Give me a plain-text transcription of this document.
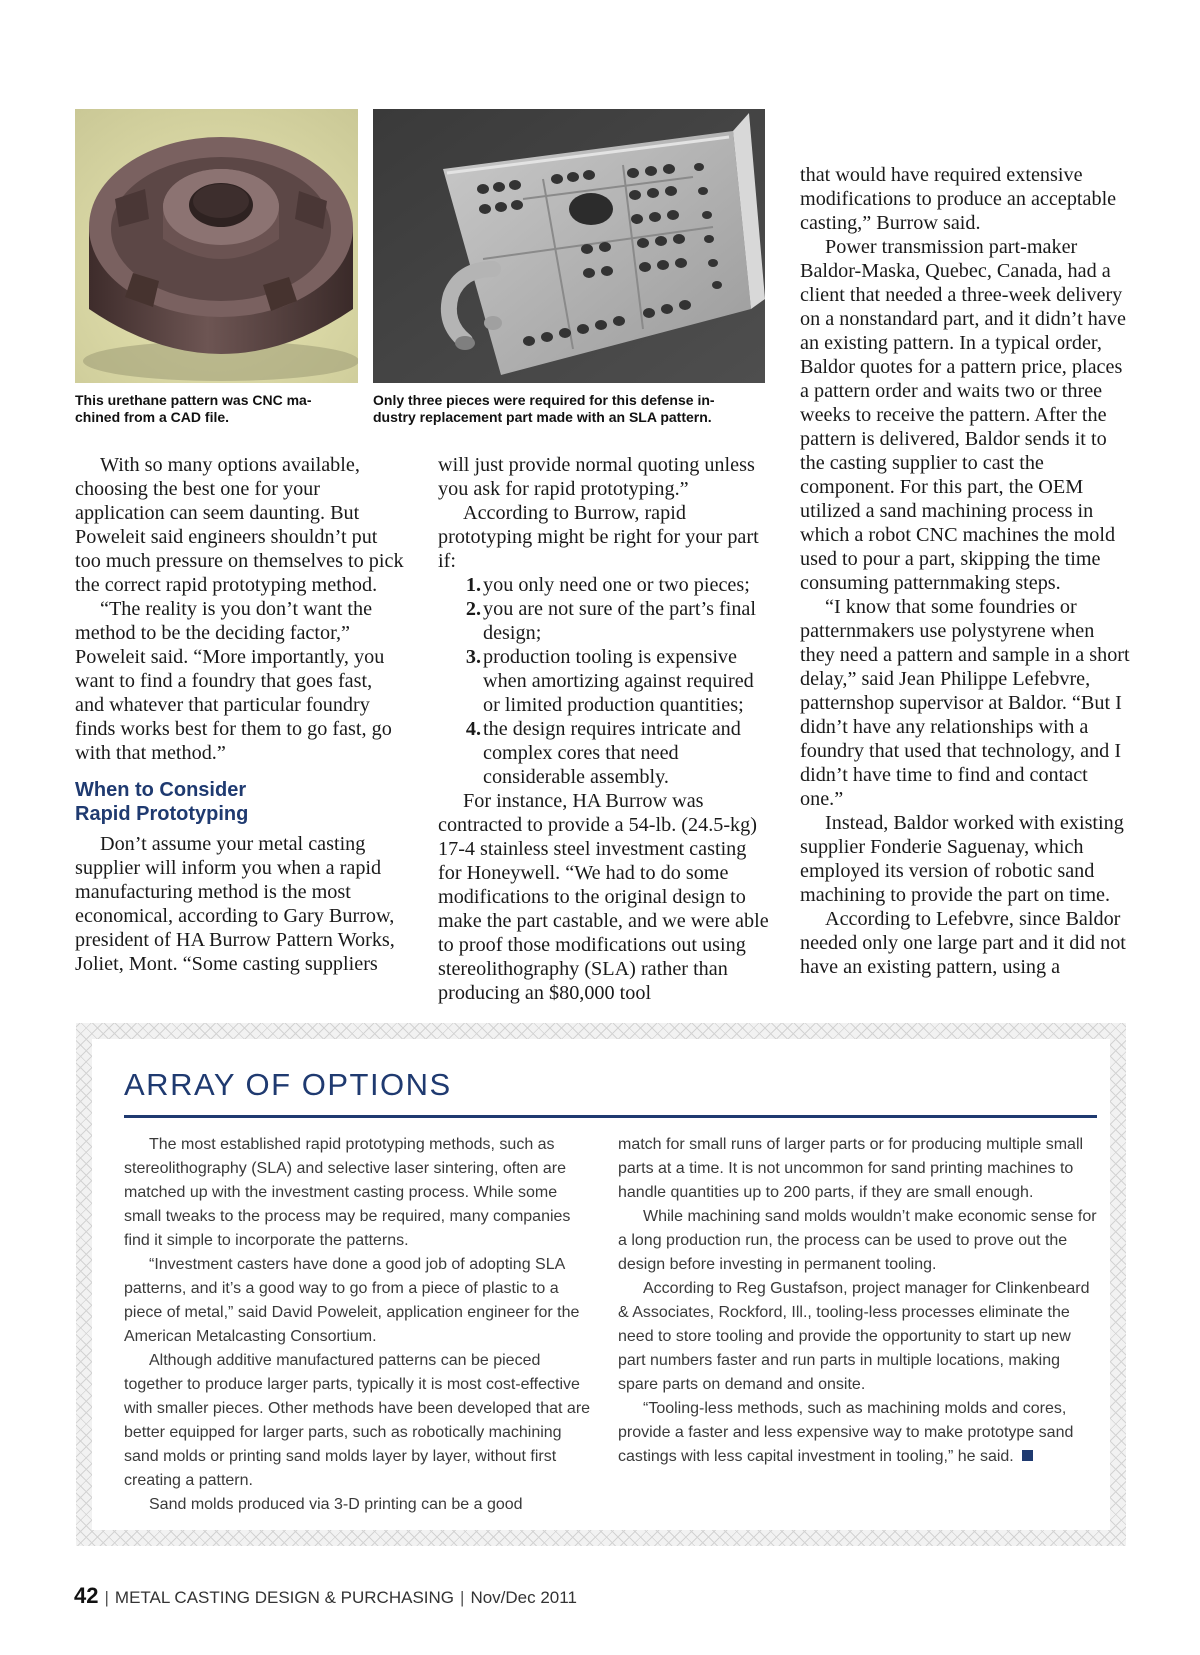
This urethane pattern was CNC ma-
chined from a CAD file.
Only three pieces were required for this defense in-
dustry replacement part made with an SLA pattern.

With so many options available, choosing the best one for your application can seem daunting. But Poweleit said engineers shouldn’t put too much pressure on themselves to pick the correct rapid prototyping method.

“The reality is you don’t want the method to be the deciding factor,” Poweleit said. “More importantly, you want to find a foundry that goes fast, and whatever that particular foundry finds works best for them to go fast, go with that method.”

When to Consider
Rapid Prototyping

Don’t assume your metal casting supplier will inform you when a rapid manufacturing method is the most economical, according to Gary Burrow, president of HA Burrow Pattern Works, Joliet, Mont. “Some casting suppliers

will just provide normal quoting unless you ask for rapid prototyping.”

According to Burrow, rapid prototyping might be right for your part if:

1. you only need one or two pieces;
2. you are not sure of the part’s final design;
3. production tooling is expensive when amortizing against required or limited production quantities;
4. the design requires intricate and complex cores that need considerable assembly.

For instance, HA Burrow was contracted to provide a 54-lb. (24.5-kg) 17-4 stainless steel investment casting for Honeywell. “We had to do some modifications to the original design to make the part castable, and we were able to proof those modifications out using stereolithography (SLA) rather than producing an $80,000 tool

that would have required extensive modifications to produce an acceptable casting,” Burrow said.

Power transmission part-maker Baldor-Maska, Quebec, Canada, had a client that needed a three-week delivery on a nonstandard part, and it didn’t have an existing pattern. In a typical order, Baldor quotes for a pattern price, places a pattern order and waits two or three weeks to receive the pattern. After the pattern is delivered, Baldor sends it to the casting supplier to cast the component. For this part, the OEM utilized a sand machining process in which a robot CNC machines the mold used to pour a part, skipping the time consuming patternmaking steps.

“I know that some foundries or patternmakers use polystyrene when they need a pattern and sample in a short delay,” said Jean Philippe Lefebvre, patternshop supervisor at Baldor. “But I didn’t have any relationships with a foundry that used that technology, and I didn’t have time to find and contact one.”

Instead, Baldor worked with existing supplier Fonderie Saguenay, which employed its version of robotic sand machining to provide the part on time.

According to Lefebvre, since Baldor needed only one large part and it did not have an existing pattern, using a

ARRAY OF OPTIONS

The most established rapid prototyping methods, such as stereolithography (SLA) and selective laser sintering, often are matched up with the investment casting process. While some small tweaks to the process may be required, many companies find it simple to incorporate the patterns.

“Investment casters have done a good job of adopting SLA patterns, and it’s a good way to go from a piece of plastic to a piece of metal,” said David Poweleit, application engineer for the American Metalcasting Consortium.

Although additive manufactured patterns can be pieced together to produce larger parts, typically it is most cost-effective with smaller pieces. Other methods have been developed that are better equipped for larger parts, such as robotically machining sand molds or printing sand molds layer by layer, without first creating a pattern.

Sand molds produced via 3-D printing can be a good

match for small runs of larger parts or for producing multiple small parts at a time. It is not uncommon for sand printing machines to handle quantities up to 200 parts, if they are small enough.

While machining sand molds wouldn’t make economic sense for a long production run, the process can be used to prove out the design before investing in permanent tooling.

According to Reg Gustafson, project manager for Clinkenbeard & Associates, Rockford, Ill., tooling-less processes eliminate the need to store tooling and provide the opportunity to start up new part numbers faster and run parts in multiple locations, making spare parts on demand and onsite.

“Tooling-less methods, such as machining molds and cores, provide a faster and less expensive way to make prototype sand castings with less capital investment in tooling,” he said.

42 | METAL CASTING DESIGN & PURCHASING | Nov/Dec 2011
